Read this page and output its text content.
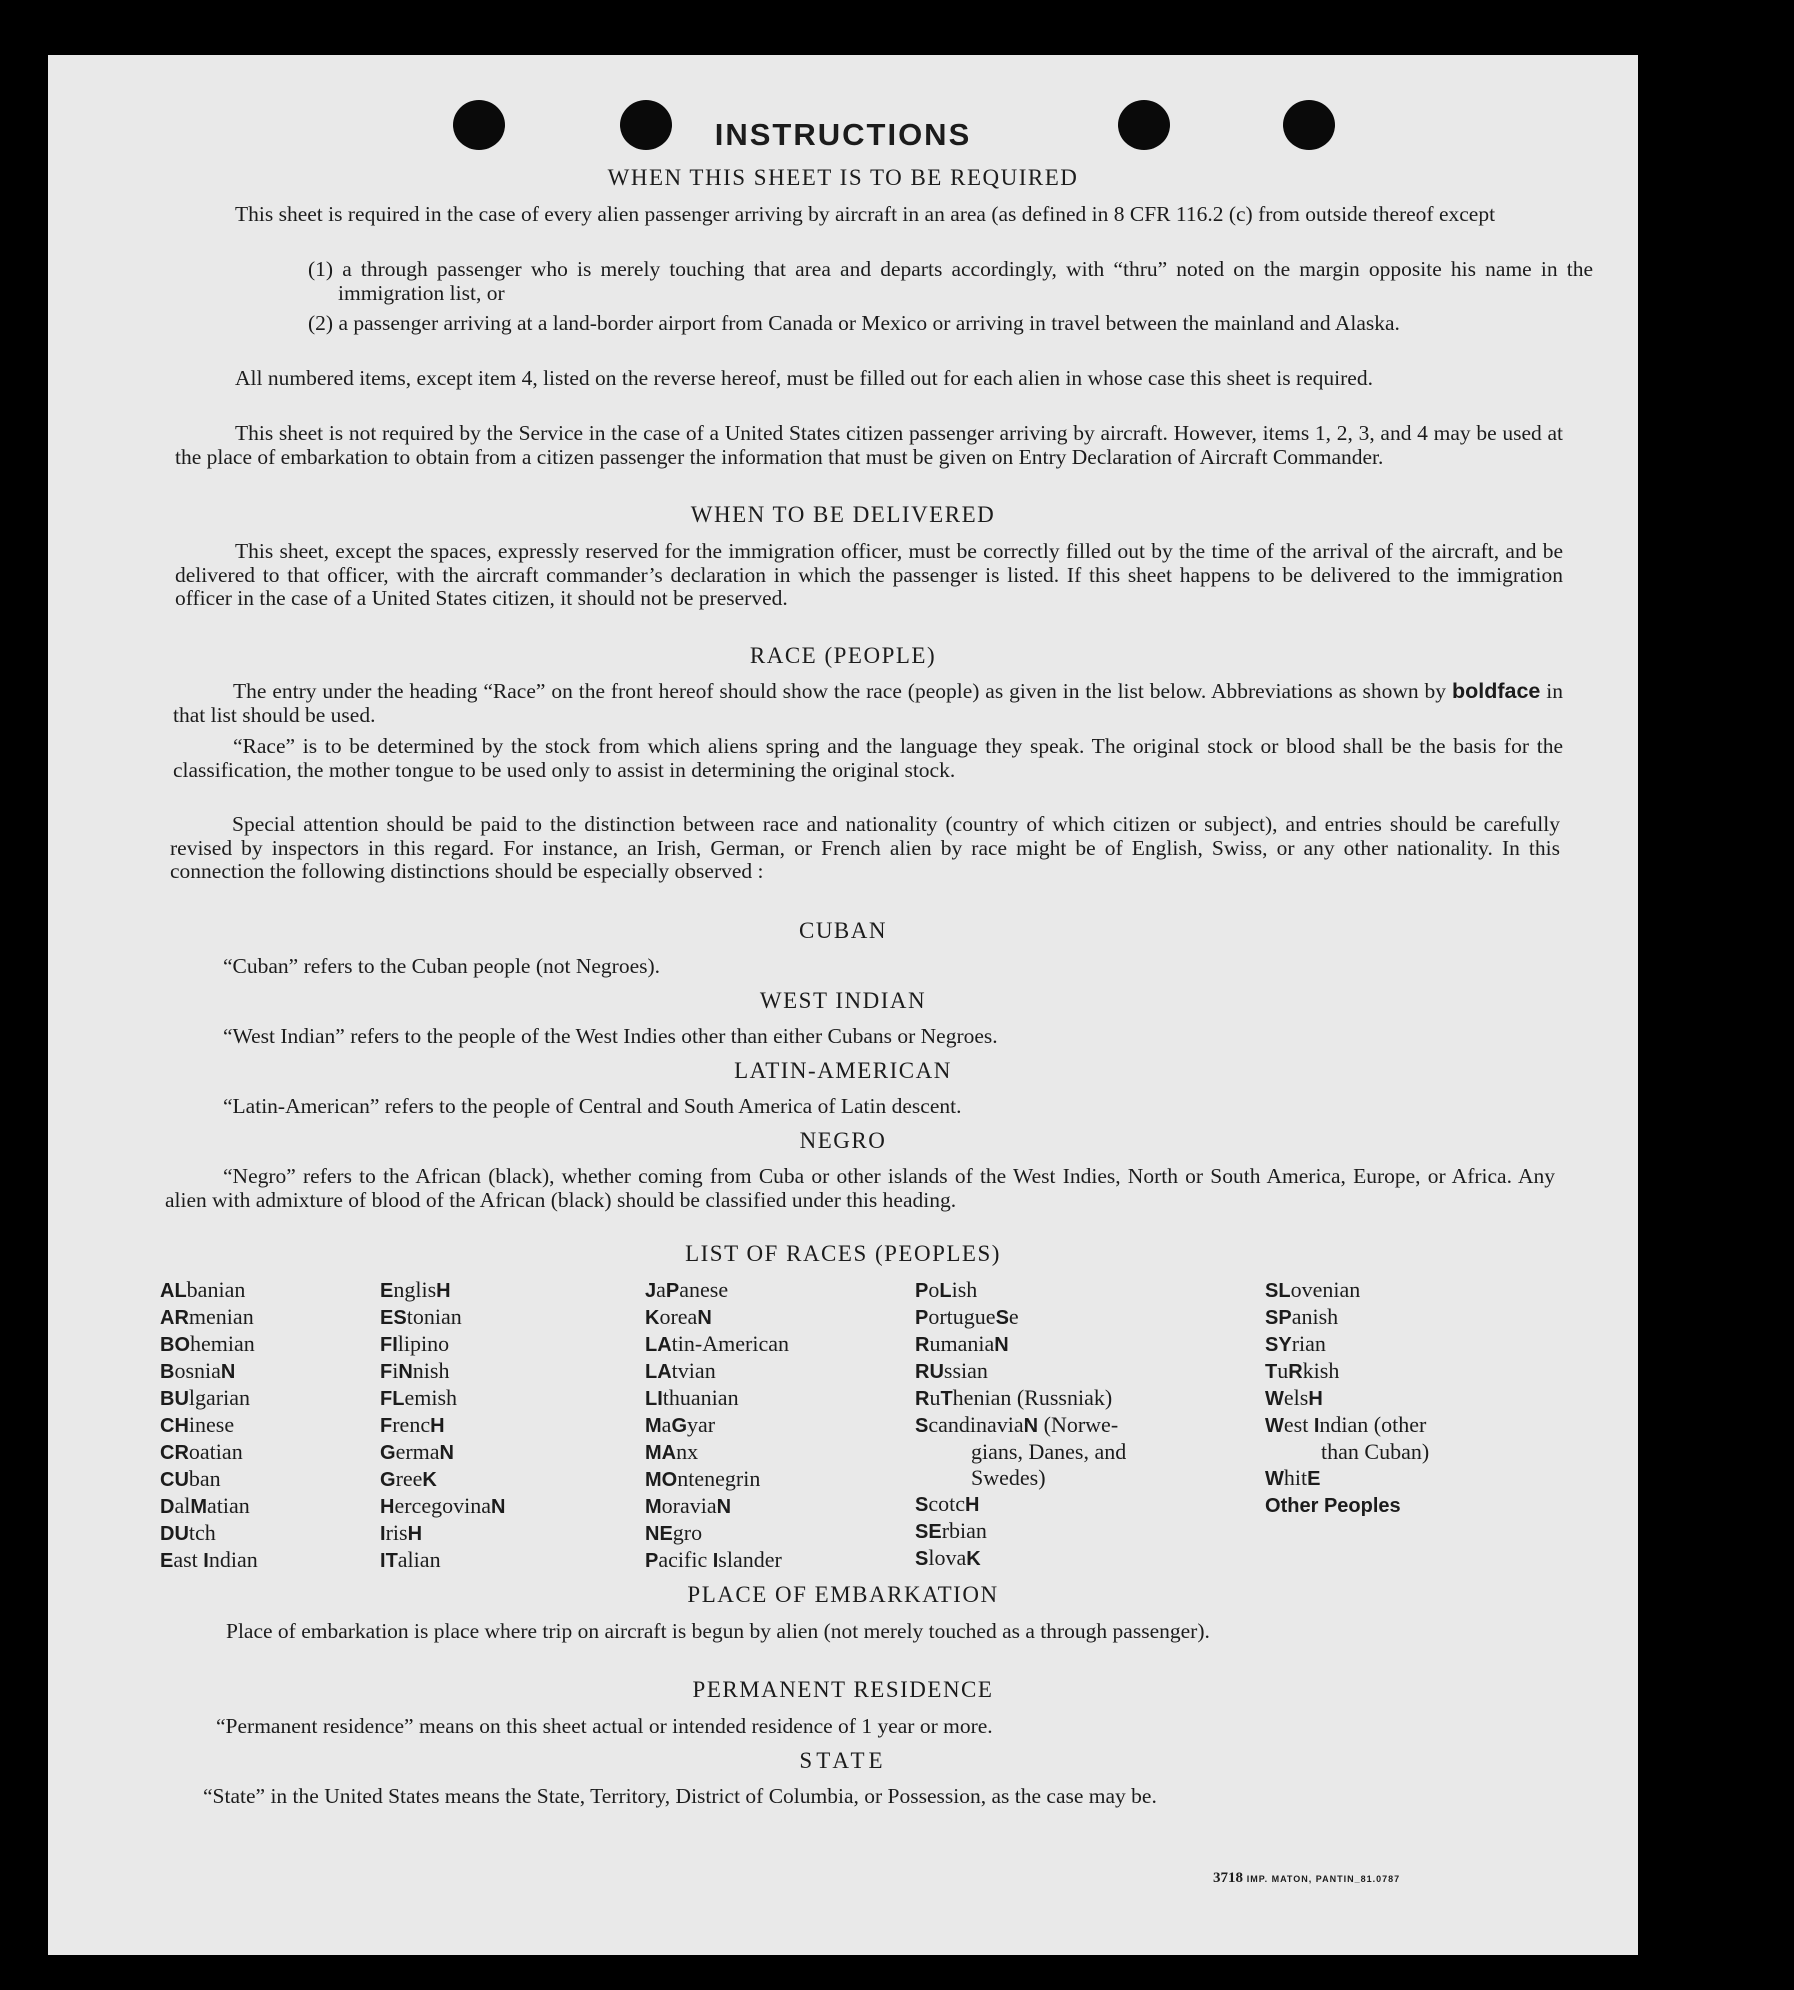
INSTRUCTIONS
WHEN THIS SHEET IS TO BE REQUIRED
This sheet is required in the case of every alien passenger arriving by aircraft in an area (as defined in 8 CFR 116.2 (c) from outside thereof except
(1) a through passenger who is merely touching that area and departs accordingly, with “thru” noted on the margin opposite his name in the immigration list, or
(2) a passenger arriving at a land-border airport from Canada or Mexico or arriving in travel between the mainland and Alaska.
All numbered items, except item 4, listed on the reverse hereof, must be filled out for each alien in whose case this sheet is required.
This sheet is not required by the Service in the case of a United States citizen passenger arriving by aircraft. However, items 1, 2, 3, and 4 may be used at the place of embarkation to obtain from a citizen passenger the information that must be given on Entry Declaration of Aircraft Commander.
WHEN TO BE DELIVERED
This sheet, except the spaces, expressly reserved for the immigration officer, must be correctly filled out by the time of the arrival of the aircraft, and be delivered to that officer, with the aircraft commander’s declaration in which the passenger is listed. If this sheet happens to be delivered to the immigration officer in the case of a United States citizen, it should not be preserved.
RACE (PEOPLE)
The entry under the heading “Race” on the front hereof should show the race (people) as given in the list below. Abbreviations as shown by boldface in that list should be used.
“Race” is to be determined by the stock from which aliens spring and the language they speak. The original stock or blood shall be the basis for the classification, the mother tongue to be used only to assist in determining the original stock.
Special attention should be paid to the distinction between race and nationality (country of which citizen or subject), and entries should be carefully revised by inspectors in this regard. For instance, an Irish, German, or French alien by race might be of English, Swiss, or any other nationality. In this connection the following distinctions should be especially observed :
CUBAN
“Cuban” refers to the Cuban people (not Negroes).
WEST INDIAN
“West Indian” refers to the people of the West Indies other than either Cubans or Negroes.
LATIN-AMERICAN
“Latin-American” refers to the people of Central and South America of Latin descent.
NEGRO
“Negro” refers to the African (black), whether coming from Cuba or other islands of the West Indies, North or South America, Europe, or Africa. Any alien with admixture of blood of the African (black) should be classified under this heading.
LIST OF RACES (PEOPLES)
ALbanian
ARmenian
BOhemian
BosniaN
BUlgarian
CHinese
CRoatian
CUban
DalMatian
DUtch
East Indian
EnglisH
EStonian
FIlipino
FiNnish
FLemish
FrencH
GermaN
GreeK
HercegovinaN
IrisH
ITalian
JaPanese
KoreaN
LAtin-American
LAtvian
LIthuanian
MaGyar
MAnx
MOntenegrin
MoraviaN
NEgro
Pacific Islander
PoLish
PortugueSe
RumaniaN
RUssian
RuThenian (Russniak)
ScandinaviaN (Norwe-
gians, Danes, and
Swedes)
ScotcH
SErbian
SlovaK
SLovenian
SPanish
SYrian
TuRkish
WelsH
West Indian (other
than Cuban)
WhitE
Other Peoples
PLACE OF EMBARKATION
Place of embarkation is place where trip on aircraft is begun by alien (not merely touched as a through passenger).
PERMANENT RESIDENCE
“Permanent residence” means on this sheet actual or intended residence of 1 year or more.
STATE
“State” in the United States means the State, Territory, District of Columbia, or Possession, as the case may be.
3718 IMP. MATON, PANTIN_81.0787
